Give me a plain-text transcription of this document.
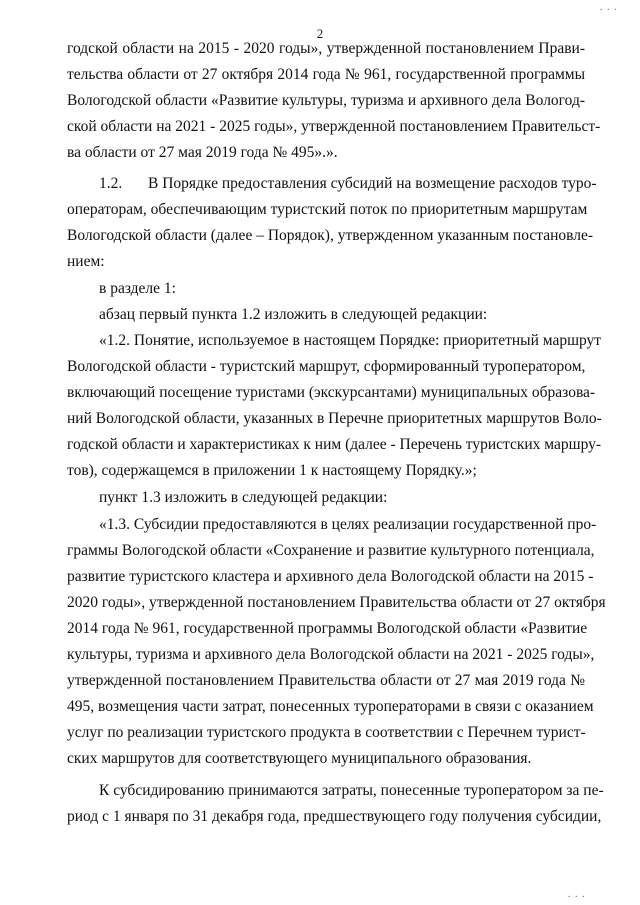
2
годской области на 2015 - 2020 годы», утвержденной постановлением Прави-
тельства области от 27 октября 2014 года № 961, государственной программы
Вологодской области «Развитие культуры, туризма и архивного дела Вологод-
ской области на 2021 - 2025 годы», утвержденной постановлением Правительст-
ва области от 27 мая 2019 года № 495».».
1.2. В Порядке предоставления субсидий на возмещение расходов туро-
операторам, обеспечивающим туристский поток по приоритетным маршрутам
Вологодской области (далее – Порядок), утвержденном указанным постановле-
нием:
в разделе 1:
абзац первый пункта 1.2 изложить в следующей редакции:
«1.2. Понятие, используемое в настоящем Порядке: приоритетный маршрут
Вологодской области - туристский маршрут, сформированный туроператором,
включающий посещение туристами (экскурсантами) муниципальных образова-
ний Вологодской области, указанных в Перечне приоритетных маршрутов Воло-
годской области и характеристиках к ним (далее - Перечень туристских маршру-
тов), содержащемся в приложении 1 к настоящему Порядку.»;
пункт 1.3 изложить в следующей редакции:
«1.3. Субсидии предоставляются в целях реализации государственной про-
граммы Вологодской области «Сохранение и развитие культурного потенциала,
развитие туристского кластера и архивного дела Вологодской области на 2015 -
2020 годы», утвержденной постановлением Правительства области от 27 октября
2014 года № 961, государственной программы Вологодской области «Развитие
культуры, туризма и архивного дела Вологодской области на 2021 - 2025 годы»,
утвержденной постановлением Правительства области от 27 мая 2019 года №
495, возмещения части затрат, понесенных туроператорами в связи с оказанием
услуг по реализации туристского продукта в соответствии с Перечнем турист-
ских маршрутов для соответствующего муниципального образования.
К субсидированию принимаются затраты, понесенные туроператором за пе-
риод с 1 января по 31 декабря года, предшествующего году получения субсидии,
. . .
. . .
